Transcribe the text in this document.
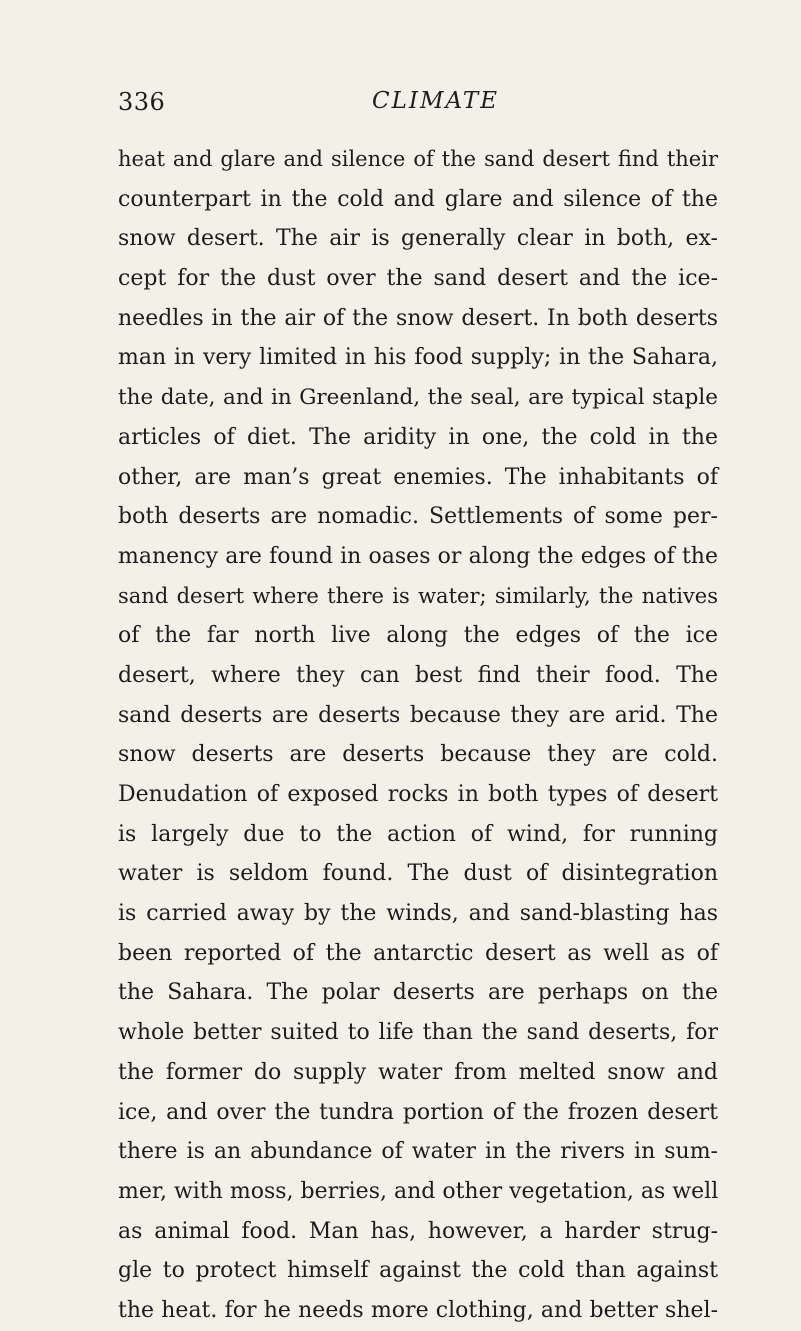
336	CLIMATE
heat and glare and silence of the sand desert find their
counterpart in the cold and glare and silence of the
snow desert. The air is generally clear in both, ex-
cept for the dust over the sand desert and the ice-
needles in the air of the snow desert. In both deserts
man in very limited in his food supply; in the Sahara,
the date, and in Greenland, the seal, are typical staple
articles of diet. The aridity in one, the cold in the
other, are man’s great enemies. The inhabitants of
both deserts are nomadic. Settlements of some per-
manency are found in oases or along the edges of the
sand desert where there is water; similarly, the natives
of the far north live along the edges of the ice
desert, where they can best find their food. The
sand deserts are deserts because they are arid. The
snow deserts are deserts because they are cold.
Denudation of exposed rocks in both types of desert
is largely due to the action of wind, for running
water is seldom found. The dust of disintegration
is carried away by the winds, and sand-blasting has
been reported of the antarctic desert as well as of
the Sahara. The polar deserts are perhaps on the
whole better suited to life than the sand deserts, for
the former do supply water from melted snow and
ice, and over the tundra portion of the frozen desert
there is an abundance of water in the rivers in sum-
mer, with moss, berries, and other vegetation, as well
as animal food. Man has, however, a harder strug-
gle to protect himself against the cold than against
the heat. for he needs more clothing, and better shel-
